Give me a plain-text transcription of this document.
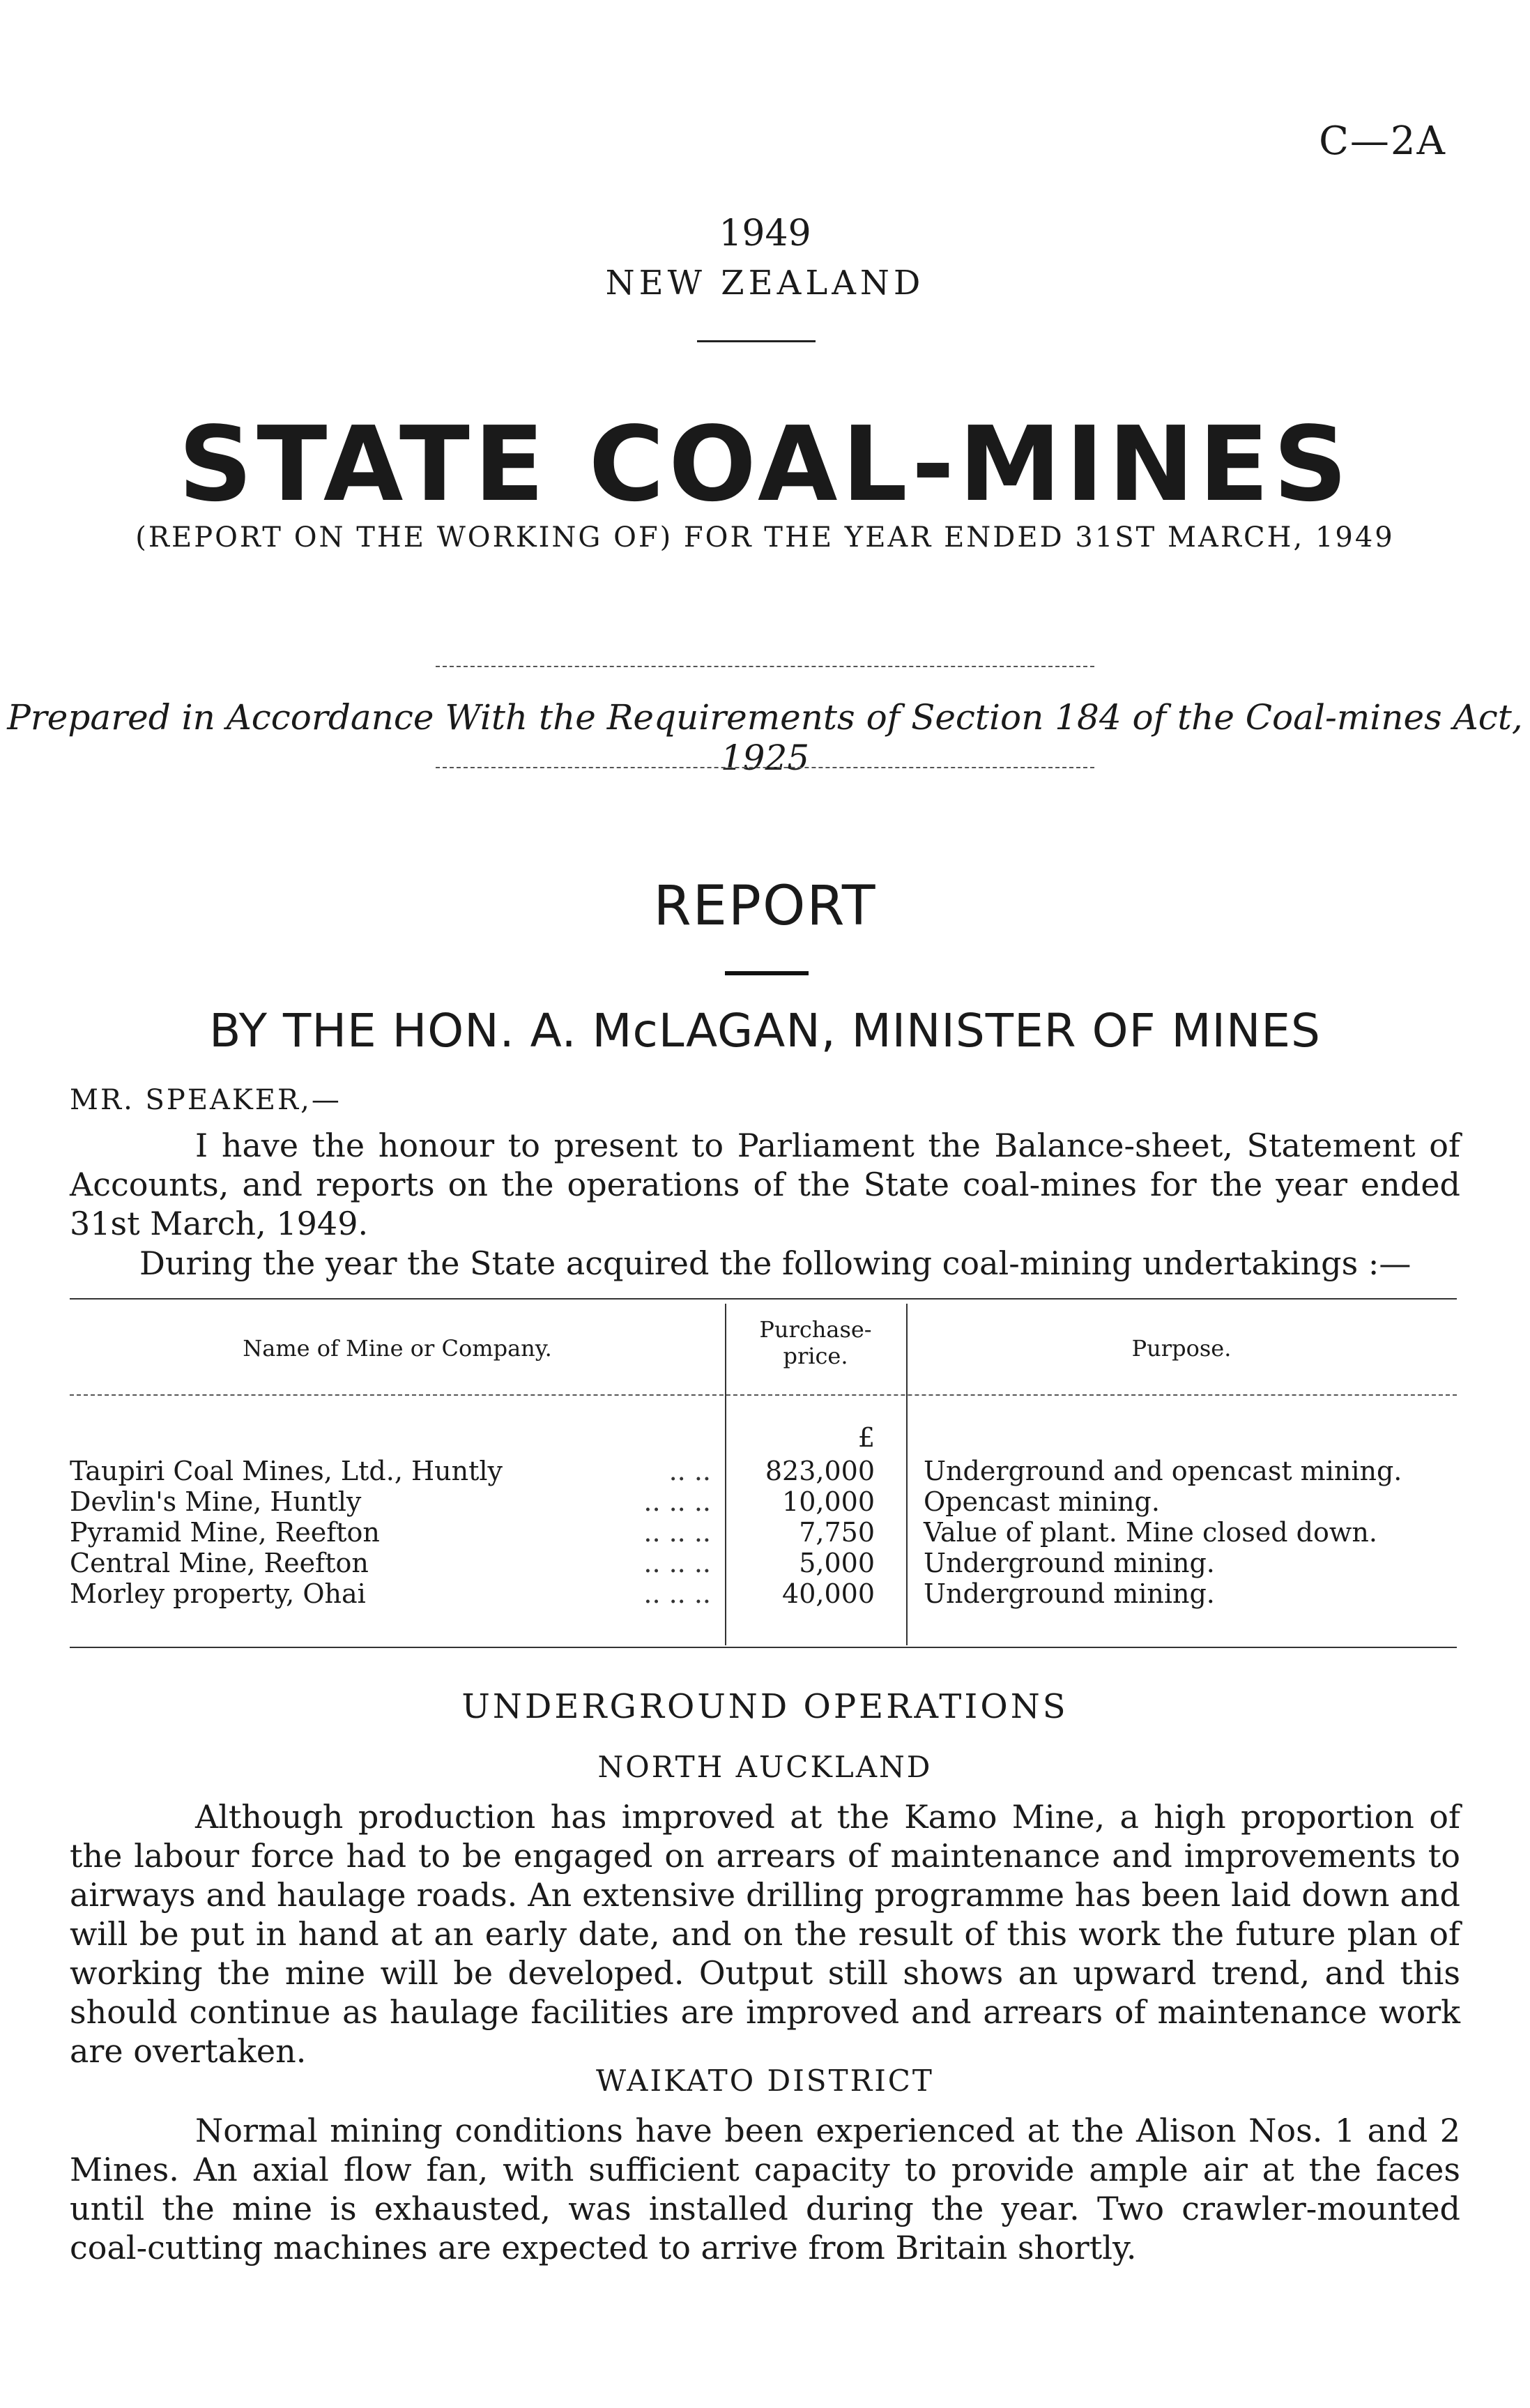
C—2A
1949
NEW ZEALAND
STATE COAL-MINES
(REPORT ON THE WORKING OF) FOR THE YEAR ENDED 31ST MARCH, 1949
Prepared in Accordance With the Requirements of Section 184 of the Coal-mines Act, 1925
REPORT
BY THE HON. A. McLAGAN, MINISTER OF MINES
MR. SPEAKER,—

I have the honour to present to Parliament the Balance-sheet, Statement of Accounts, and reports on the operations of the State coal-mines for the year ended 31st March, 1949.

During the year the State acquired the following coal-mining undertakings :—

Name of Mine or Company.
Purchase-
price.	Purpose.
£
Taupiri Coal Mines, Ltd., Huntly	.. ..	823,000 Underground and opencast mining.
Devlin's Mine, Huntly	.. .. ..	10,000 Opencast mining.
Pyramid Mine, Reefton	.. .. ..	7,750 Value of plant. Mine closed down.
Central Mine, Reefton	.. .. ..	5,000 Underground mining.
Morley property, Ohai	.. .. ..	40,000 Underground mining.
UNDERGROUND OPERATIONS
NORTH AUCKLAND

Although production has improved at the Kamo Mine, a high proportion of the labour force had to be engaged on arrears of maintenance and improvements to airways and haulage roads. An extensive drilling programme has been laid down and will be put in hand at an early date, and on the result of this work the future plan of working the mine will be developed. Output still shows an upward trend, and this should continue as haulage facilities are improved and arrears of maintenance work are overtaken.

WAIKATO DISTRICT

Normal mining conditions have been experienced at the Alison Nos. 1 and 2 Mines. An axial flow fan, with sufficient capacity to provide ample air at the faces until the mine is exhausted, was installed during the year. Two crawler-mounted coal-cutting machines are expected to arrive from Britain shortly.
